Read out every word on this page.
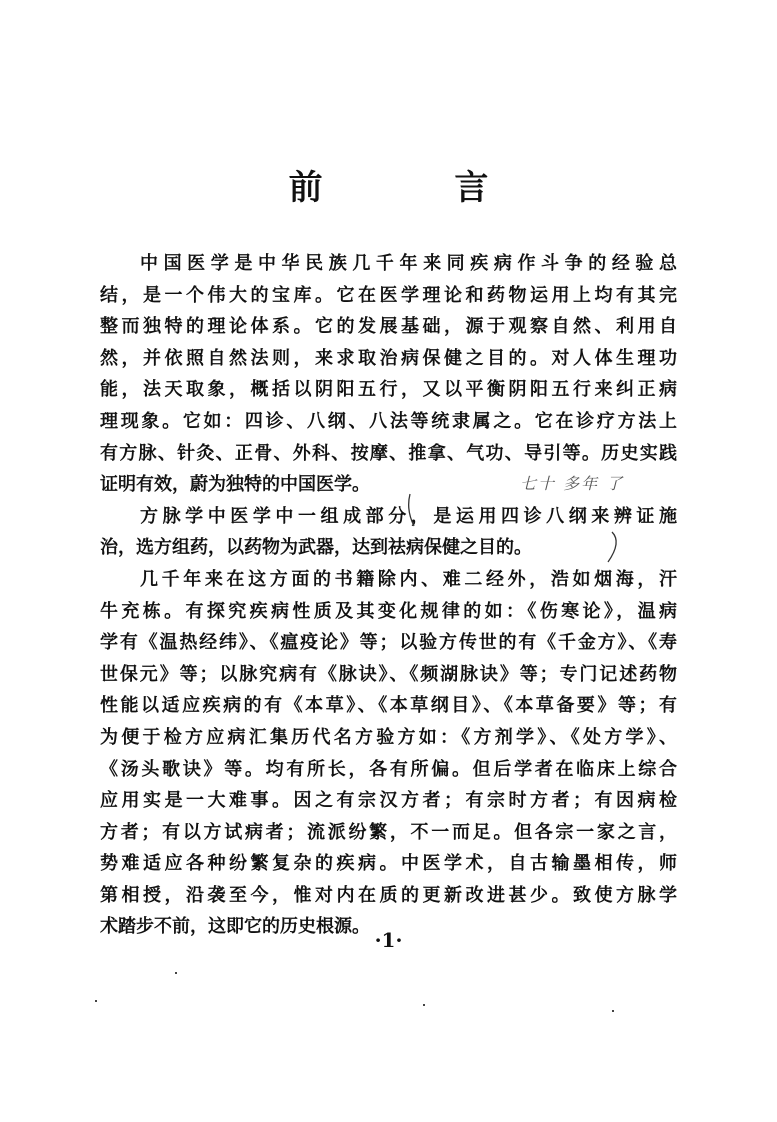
前 言
中国医学是中华民族几千年来同疾病作斗争的经验总
结，是一个伟大的宝库。它在医学理论和药物运用上均有其完
整而独特的理论体系。它的发展基础，源于观察自然、利用自
然，并依照自然法则，来求取治病保健之目的。对人体生理功
能，法天取象，概括以阴阳五行，又以平衡阴阳五行来纠正病
理现象。它如：四诊、八纲、八法等统隶属之。它在诊疗方法上
有方脉、针灸、正骨、外科、按摩、推拿、气功、导引等。历史实践
证明有效，蔚为独特的中国医学。
方脉学中医学中一组成部分，是运用四诊八纲来辨证施
治，选方组药，以药物为武器，达到祛病保健之目的。
几千年来在这方面的书籍除内、难二经外，浩如烟海，汗
牛充栋。有探究疾病性质及其变化规律的如：《伤寒论》，温病
学有《温热经纬》、《瘟疫论》等；以验方传世的有《千金方》、《寿
世保元》等；以脉究病有《脉诀》、《频湖脉诀》等；专门记述药物
性能以适应疾病的有《本草》、《本草纲目》、《本草备要》等；有
为便于检方应病汇集历代名方验方如：《方剂学》、《处方学》、
《汤头歌诀》等。均有所长，各有所偏。但后学者在临床上综合
应用实是一大难事。因之有宗汉方者；有宗时方者；有因病检
方者；有以方试病者；流派纷繁，不一而足。但各宗一家之言，
势难适应各种纷繁复杂的疾病。中医学术，自古输墨相传，师
第相授，沿袭至今，惟对内在质的更新改进甚少。致使方脉学
术踏步不前，这即它的历史根源。
七十 多年 了
·1·
